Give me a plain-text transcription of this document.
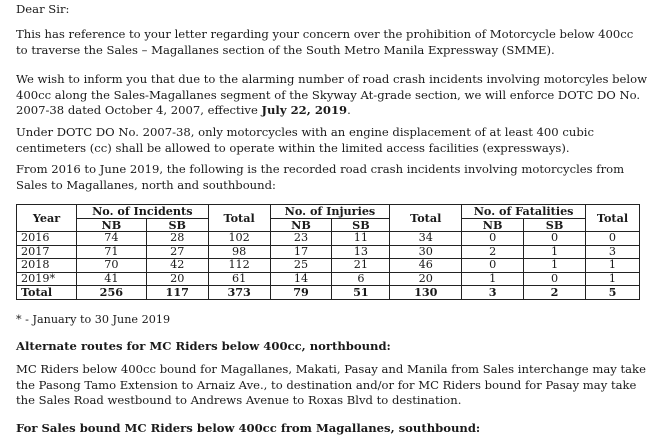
Dear Sir:

This has reference to your letter regarding your concern over the prohibition of Motorcycle below 400cc to traverse the Sales – Magallanes section of the South Metro Manila Expressway (SMME).

We wish to inform you that due to the alarming number of road crash incidents involving motorcyles below 400cc along the Sales-Magallanes segment of the Skyway At-grade section, we will enforce DOTC DO No. 2007-38 dated October 4, 2007, effective July 22, 2019.

Under DOTC DO No. 2007-38, only motorcycles with an engine displacement of at least 400 cubic centimeters (cc) shall be allowed to operate within the limited access facilities (expressways).

From 2016 to June 2019, the following is the recorded road crash incidents involving motorcycles from Sales to Magallanes, north and southbound:

Year	No. of Incidents		Total	No. of Injuries		Total	No. of Fatalities		Total
	NB	SB		NB	SB		NB	SB	
2016	74	28	102	23	11	34	0	0	0
2017	71	27	98	17	13	30	2	1	3
2018	70	42	112	25	21	46	0	1	1
2019*	41	20	61	14	6	20	1	0	1
Total	256	117	373	79	51	130	3	2	5

* - January to 30 June 2019

Alternate routes for MC Riders below 400cc, northbound:

MC Riders below 400cc bound for Magallanes, Makati, Pasay and Manila from Sales interchange may take the Pasong Tamo Extension to Arnaiz Ave., to destination and/or for MC Riders bound for Pasay may take the Sales Road westbound to Andrews Avenue to Roxas Blvd to destination.

For Sales bound MC Riders below 400cc from Magallanes, southbound:
